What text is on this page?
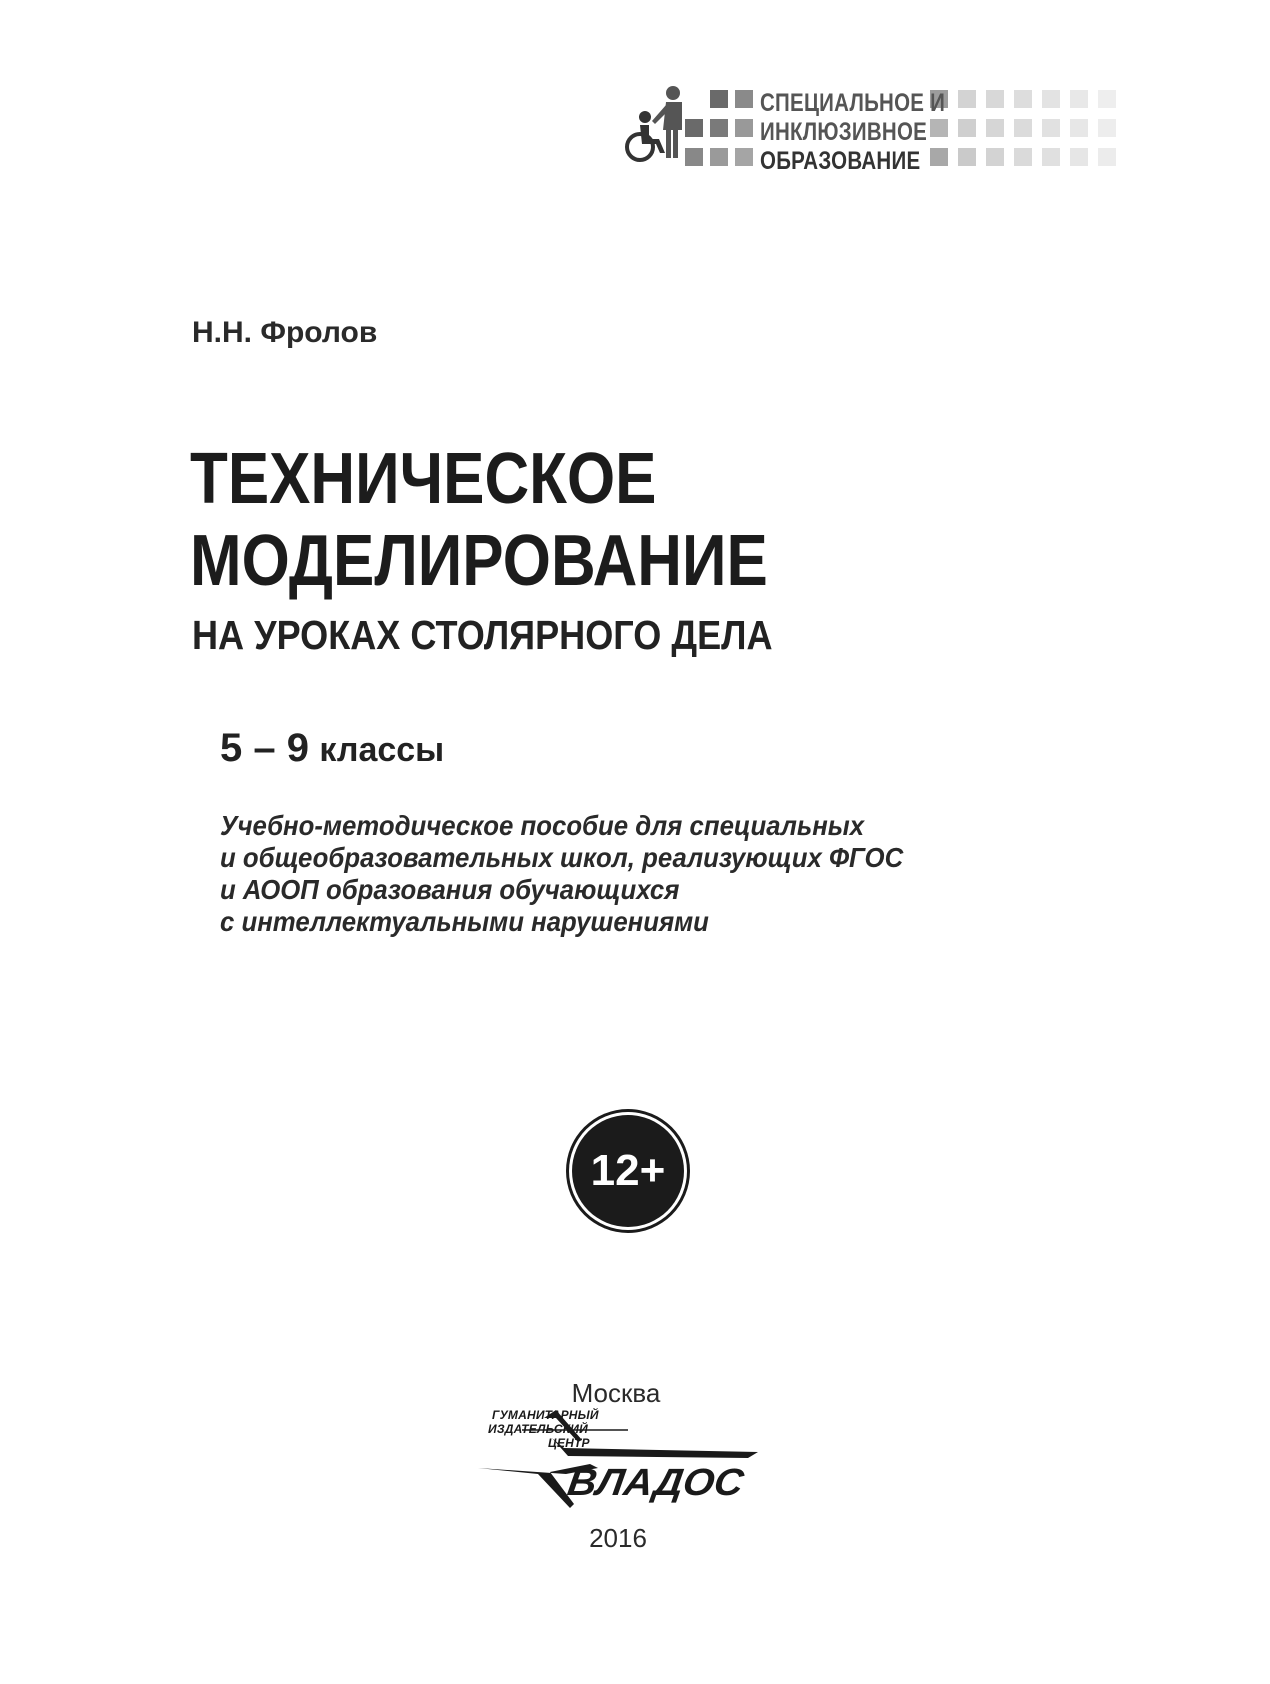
СПЕЦИАЛЬНОЕ И
ИНКЛЮЗИВНОЕ
ОБРАЗОВАНИЕ
Н.Н. Фролов
ТЕХНИЧЕСКОЕ
МОДЕЛИРОВАНИЕ
НА УРОКАХ СТОЛЯРНОГО ДЕЛА
5 – 9 классы
Учебно-методическое пособие для специальных
и общеобразовательных школ, реализующих ФГОС
и АООП образования обучающихся
с интеллектуальными нарушениями
12+
Москва
ГУМАНИТАРНЫЙ
ИЗДАТЕЛЬСКИЙ
ЦЕНТР
ВЛАДОС
2016
